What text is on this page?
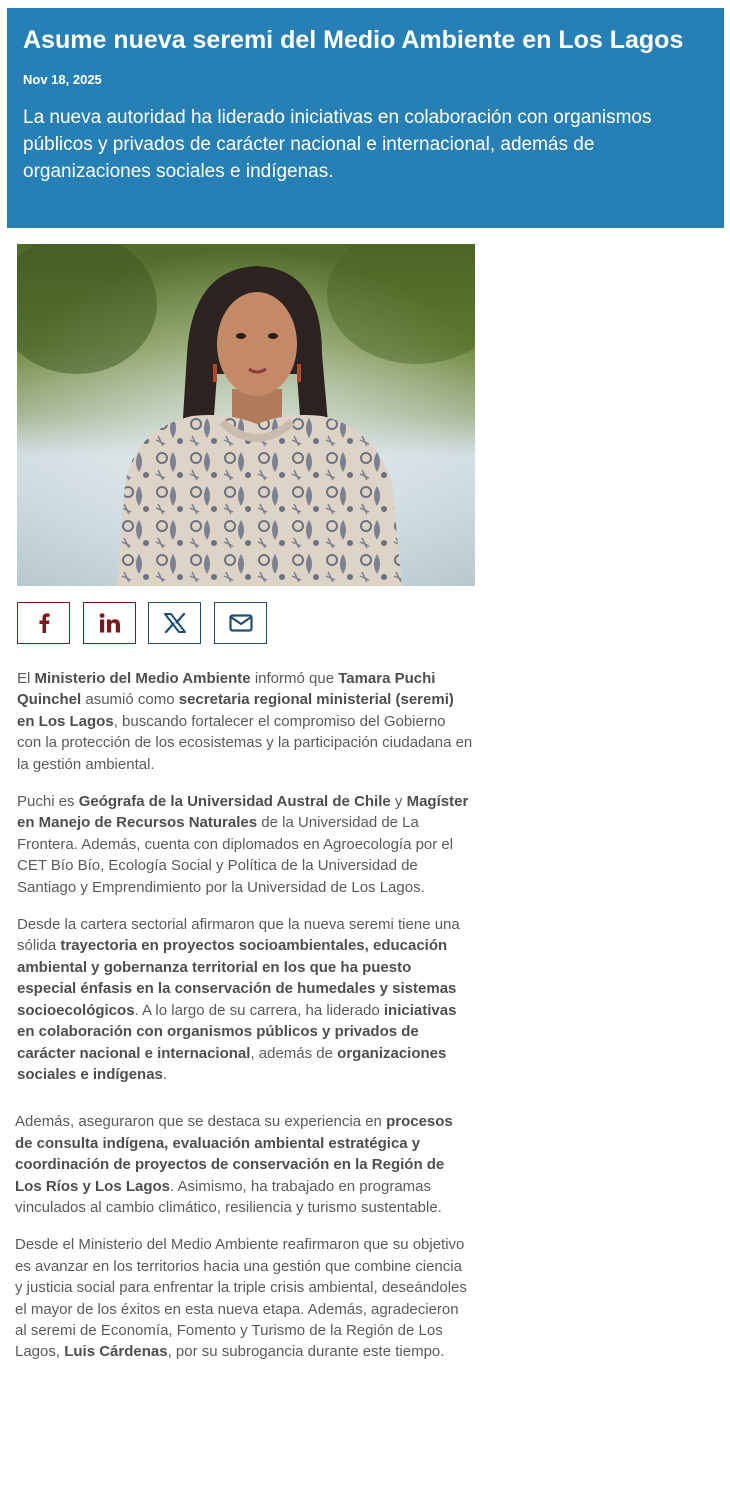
Asume nueva seremi del Medio Ambiente en Los Lagos
Nov 18, 2025
La nueva autoridad ha liderado iniciativas en colaboración con organismos públicos y privados de carácter nacional e internacional, además de organizaciones sociales e indígenas.

El Ministerio del Medio Ambiente informó que Tamara Puchi Quinchel asumió como secretaria regional ministerial (seremi) en Los Lagos, buscando fortalecer el compromiso del Gobierno con la protección de los ecosistemas y la participación ciudadana en la gestión ambiental.

Puchi es Geógrafa de la Universidad Austral de Chile y Magíster en Manejo de Recursos Naturales de la Universidad de La Frontera. Además, cuenta con diplomados en Agroecología por el CET Bío Bío, Ecología Social y Política de la Universidad de Santiago y Emprendimiento por la Universidad de Los Lagos.

Desde la cartera sectorial afirmaron que la nueva seremi tiene una sólida trayectoria en proyectos socioambientales, educación ambiental y gobernanza territorial en los que ha puesto especial énfasis en la conservación de humedales y sistemas socioecológicos. A lo largo de su carrera, ha liderado iniciativas en colaboración con organismos públicos y privados de carácter nacional e internacional, además de organizaciones sociales e indígenas.

Además, aseguraron que se destaca su experiencia en procesos de consulta indígena, evaluación ambiental estratégica y coordinación de proyectos de conservación en la Región de Los Ríos y Los Lagos. Asimismo, ha trabajado en programas vinculados al cambio climático, resiliencia y turismo sustentable.

Desde el Ministerio del Medio Ambiente reafirmaron que su objetivo es avanzar en los territorios hacia una gestión que combine ciencia y justicia social para enfrentar la triple crisis ambiental, deseándoles el mayor de los éxitos en esta nueva etapa. Además, agradecieron al seremi de Economía, Fomento y Turismo de la Región de Los Lagos, Luis Cárdenas, por su subrogancia durante este tiempo.
